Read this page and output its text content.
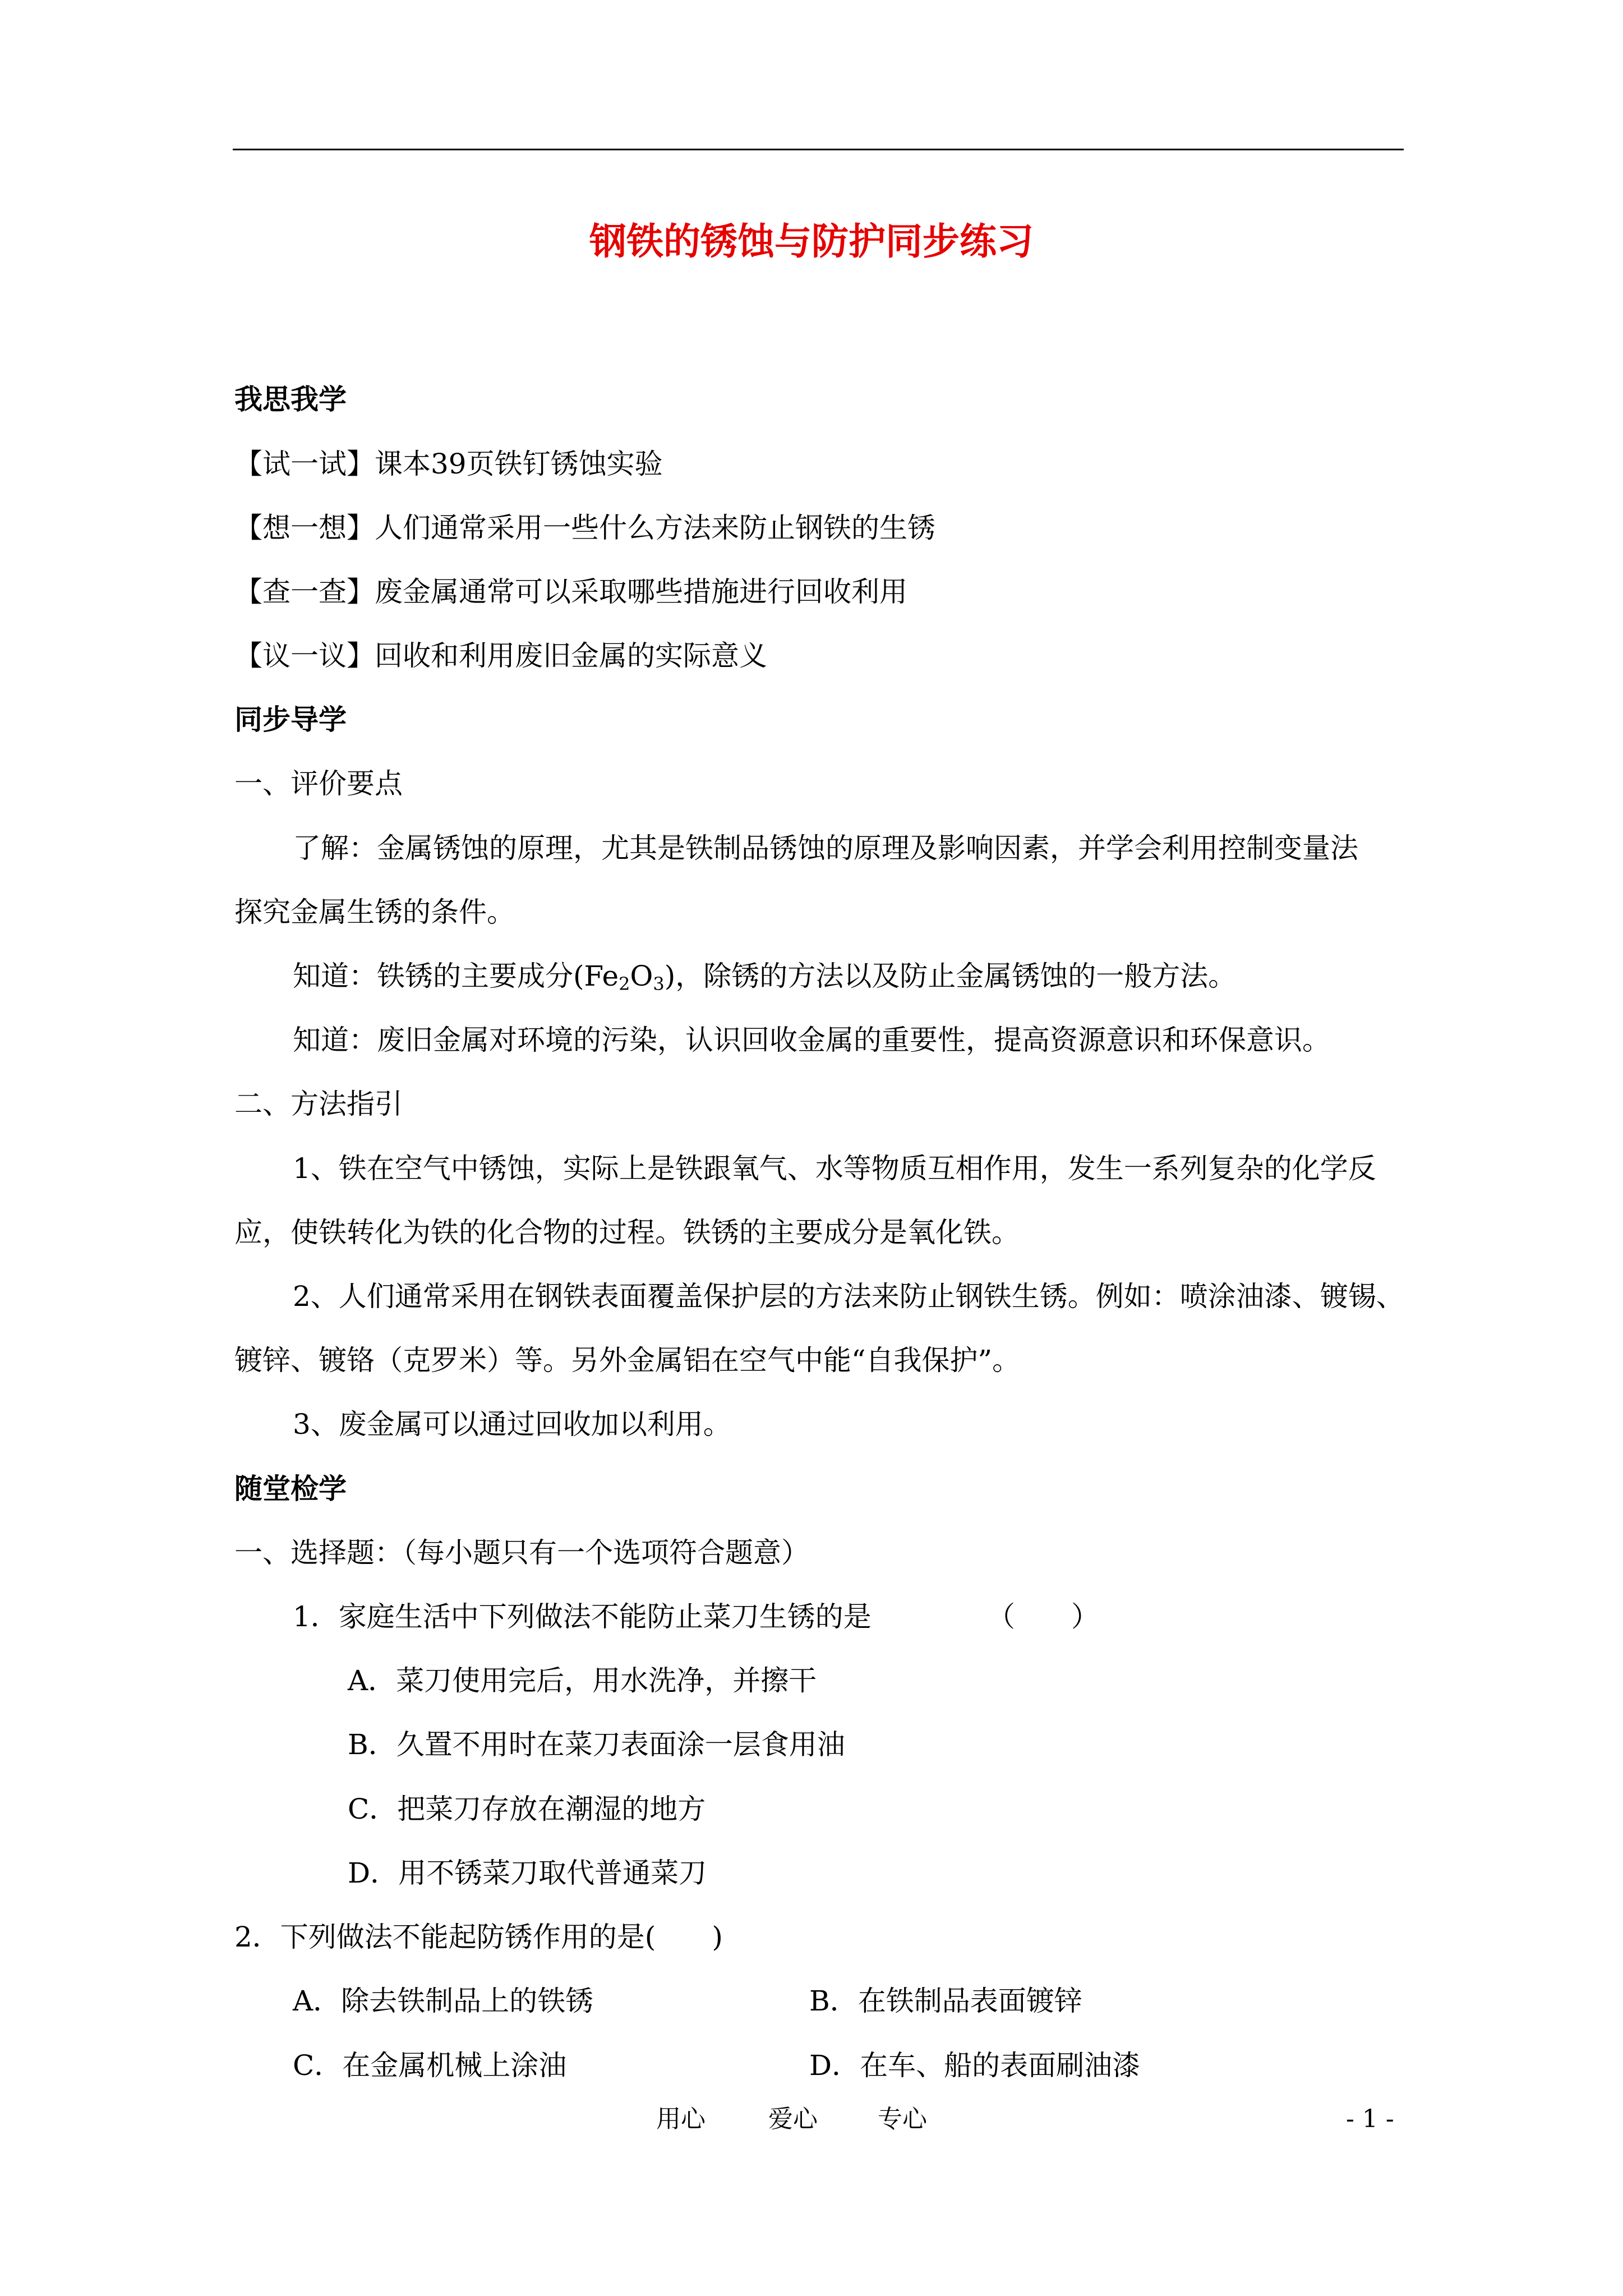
钢铁的锈蚀与防护同步练习
我思我学
【试一试】课本39页铁钉锈蚀实验
【想一想】人们通常采用一些什么方法来防止钢铁的生锈
【查一查】废金属通常可以采取哪些措施进行回收利用
【议一议】回收和利用废旧金属的实际意义
同步导学
一、评价要点
了解：金属锈蚀的原理，尤其是铁制品锈蚀的原理及影响因素，并学会利用控制变量法
探究金属生锈的条件。
知道：铁锈的主要成分$(Fe_2O_3)$，除锈的方法以及防止金属锈蚀的一般方法。
知道：废旧金属对环境的污染，认识回收金属的重要性，提高资源意识和环保意识。
二、方法指引
1、铁在空气中锈蚀，实际上是铁跟氧气、水等物质互相作用，发生一系列复杂的化学反
应，使铁转化为铁的化合物的过程。铁锈的主要成分是氧化铁。
2、人们通常采用在钢铁表面覆盖保护层的方法来防止钢铁生锈。例如：喷涂油漆、镀锡、
镀锌、镀铬（克罗米）等。另外金属铝在空气中能“自我保护”。
3、废金属可以通过回收加以利用。
随堂检学
一、选择题：（每小题只有一个选项符合题意）
1．家庭生活中下列做法不能防止菜刀生锈的是	（　　）
A．菜刀使用完后，用水洗净，并擦干
B．久置不用时在菜刀表面涂一层食用油
C．把菜刀存放在潮湿的地方
D．用不锈菜刀取代普通菜刀
2．下列做法不能起防锈作用的是(　　)
A．除去铁制品上的铁锈	B．在铁制品表面镀锌
C．在金属机械上涂油	D．在车、船的表面刷油漆
用心	爱心 专心	- 1 -
